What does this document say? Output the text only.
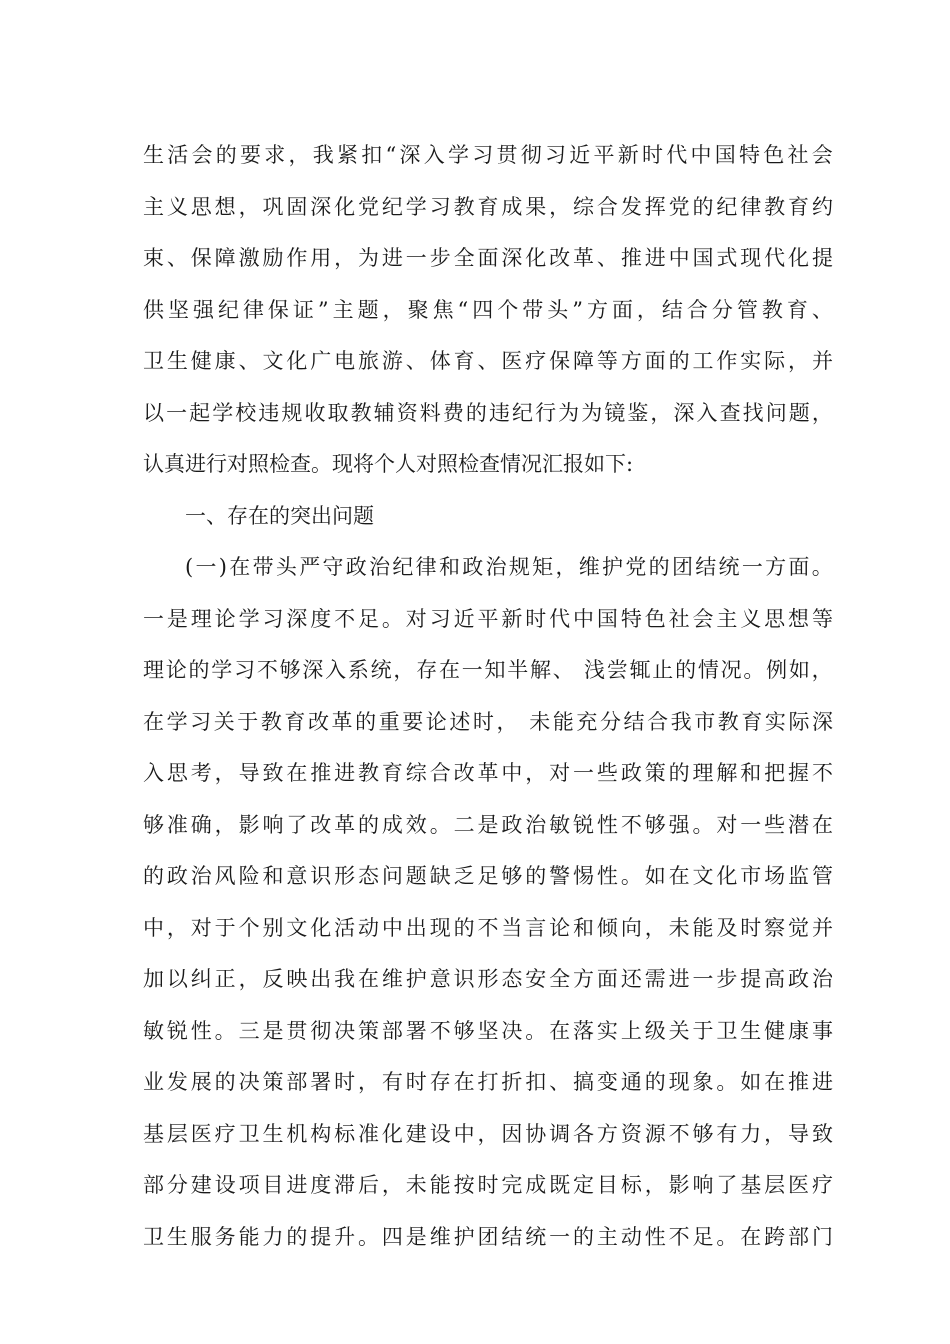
生 活 会 的 要 求 ， 我 紧 扣 “ 深 入 学 习 贯 彻 习 近 平 新 时 代 中 国 特 色 社 会
主 义 思 想 ， 巩 固 深 化 党 纪 学 习 教 育 成 果 ， 综 合 发 挥 党 的 纪 律 教 育 约
束 、 保 障 激 励 作 用 ， 为 进 一 步 全 面 深 化 改 革 、 推 进 中 国 式 现 代 化 提
供 坚 强 纪 律 保 证 ” 主 题 ， 聚 焦 “ 四 个 带 头 ” 方 面 ， 结 合 分 管 教 育 、
卫 生 健 康 、 文 化 广 电 旅 游 、 体 育 、 医 疗 保 障 等 方 面 的 工 作 实 际 ， 并
以 一 起 学 校 违 规 收 取 教 辅 资 料 费 的 违 纪 行 为 为 镜 鉴 ， 深 入 查 找 问 题 ，
认真进行对照检查。现将个人对照检查情况汇报如下:
一、存在的突出问题
( 一 ) 在 带 头 严 守 政 治 纪 律 和 政 治 规 矩 ， 维 护 党 的 团 结 统 一 方 面 。
一 是 理 论 学 习 深 度 不 足 。 对 习 近 平 新 时 代 中 国 特 色 社 会 主 义 思 想 等
理 论 的 学 习 不 够 深 入 系 统 ， 存 在 一 知 半 解 、
浅 尝 辄 止 的 情 况 。 例 如 ，
在 学 习 关 于 教 育 改 革 的 重 要 论 述 时 ，
未 能 充 分 结 合 我 市 教 育 实 际 深
入 思 考 ， 导 致 在 推 进 教 育 综 合 改 革 中 ， 对 一 些 政 策 的 理 解 和 把 握 不
够 准 确 ， 影 响 了 改 革 的 成 效 。 二 是 政 治 敏 锐 性 不 够 强 。 对 一 些 潜 在
的 政 治 风 险 和 意 识 形 态 问 题 缺 乏 足 够 的 警 惕 性 。 如 在 文 化 市 场 监 管
中 ， 对 于 个 别 文 化 活 动 中 出 现 的 不 当 言 论 和 倾 向 ， 未 能 及 时 察 觉 并
加 以 纠 正 ， 反 映 出 我 在 维 护 意 识 形 态 安 全 方 面 还 需 进 一 步 提 高 政 治
敏 锐 性 。 三 是 贯 彻 决 策 部 署 不 够 坚 决 。 在 落 实 上 级 关 于 卫 生 健 康 事
业 发 展 的 决 策 部 署 时 ， 有 时 存 在 打 折 扣 、 搞 变 通 的 现 象 。 如 在 推 进
基 层 医 疗 卫 生 机 构 标 准 化 建 设 中 ， 因 协 调 各 方 资 源 不 够 有 力 ， 导 致
部 分 建 设 项 目 进 度 滞 后 ， 未 能 按 时 完 成 既 定 目 标 ， 影 响 了 基 层 医 疗
卫 生 服 务 能 力 的 提 升 。 四 是 维 护 团 结 统 一 的 主 动 性 不 足 。 在 跨 部 门
